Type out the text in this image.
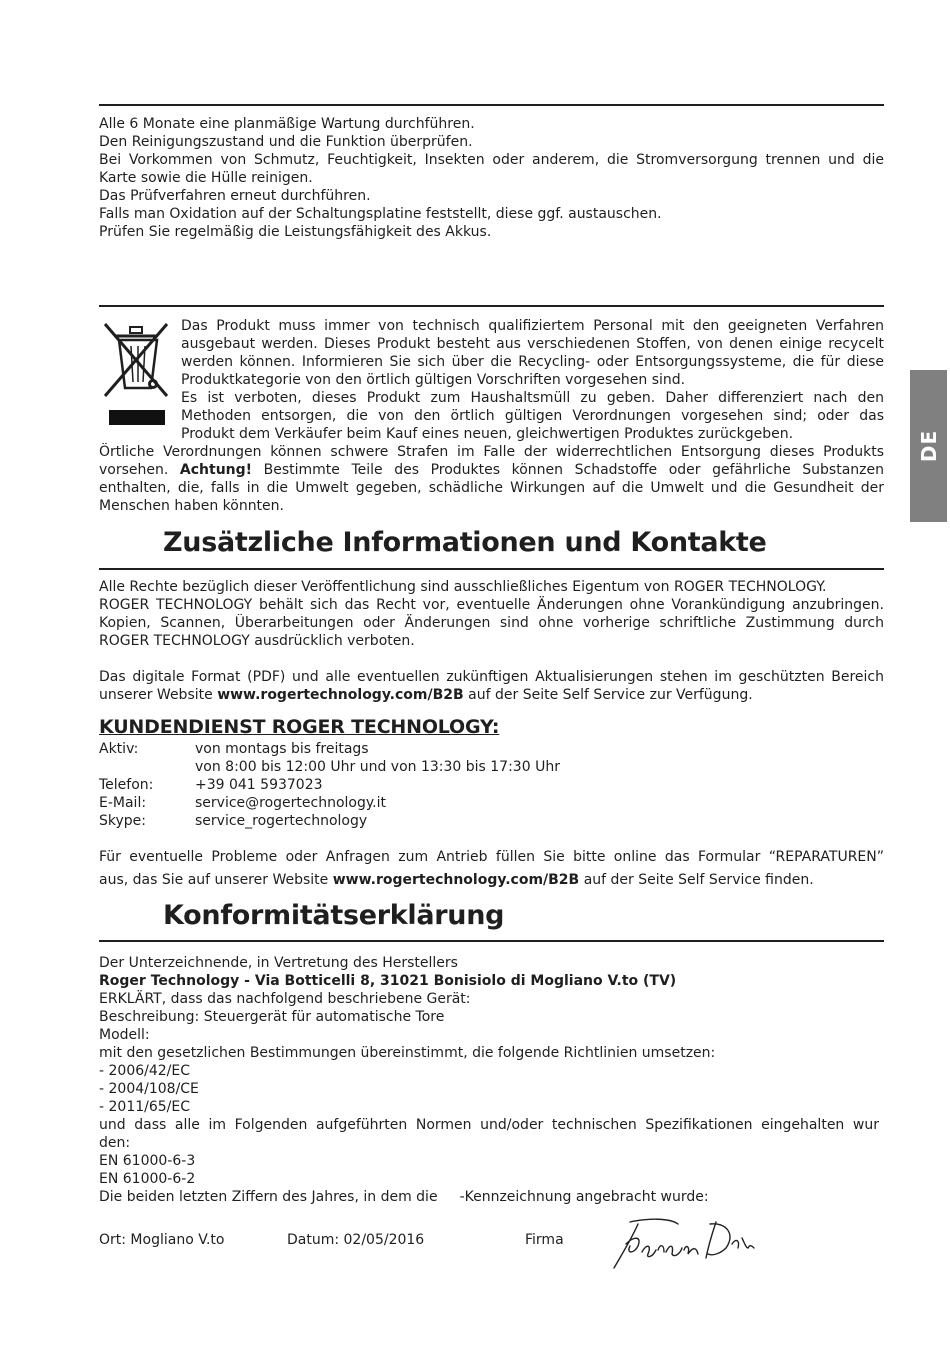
DE
Alle 6 Monate eine planmäßige Wartung durchführen.
Den Reinigungszustand und die Funktion überprüfen.
Bei Vorkommen von Schmutz, Feuchtigkeit, Insekten oder anderem, die Stromversorgung trennen und die
Karte sowie die Hülle reinigen.
Das Prüfverfahren erneut durchführen.
Falls man Oxidation auf der Schaltungsplatine feststellt, diese ggf. austauschen.
Prüfen Sie regelmäßig die Leistungsfähigkeit des Akkus.
Das Produkt muss immer von technisch qualifiziertem Personal mit den geeigneten Verfahren
ausgebaut werden. Dieses Produkt besteht aus verschiedenen Stoffen, von denen einige recycelt
werden können. Informieren Sie sich über die Recycling- oder Entsorgungssysteme, die für diese
Produktkategorie von den örtlich gültigen Vorschriften vorgesehen sind.
Es ist verboten, dieses Produkt zum Haushaltsmüll zu geben. Daher differenziert nach den
Methoden entsorgen, die von den örtlich gültigen Verordnungen vorgesehen sind; oder das
Produkt dem Verkäufer beim Kauf eines neuen, gleichwertigen Produktes zurückgeben.
Örtliche Verordnungen können schwere Strafen im Falle der widerrechtlichen Entsorgung dieses Produkts
vorsehen. Achtung! Bestimmte Teile des Produktes können Schadstoffe oder gefährliche Substanzen
enthalten, die, falls in die Umwelt gegeben, schädliche Wirkungen auf die Umwelt und die Gesundheit der
Menschen haben könnten.
Zusätzliche Informationen und Kontakte
Alle Rechte bezüglich dieser Veröffentlichung sind ausschließliches Eigentum von ROGER TECHNOLOGY.
ROGER TECHNOLOGY behält sich das Recht vor, eventuelle Änderungen ohne Vorankündigung anzubringen.
Kopien, Scannen, Überarbeitungen oder Änderungen sind ohne vorherige schriftliche Zustimmung durch
ROGER TECHNOLOGY ausdrücklich verboten.
Das digitale Format (PDF) und alle eventuellen zukünftigen Aktualisierungen stehen im geschützten Bereich
unserer Website www.rogertechnology.com/B2B auf der Seite Self Service zur Verfügung.
KUNDENDIENST ROGER TECHNOLOGY:
Aktiv:	von montags bis freitags
von 8:00 bis 12:00 Uhr und von 13:30 bis 17:30 Uhr
Telefon:	+39 041 5937023
E-Mail:	service@rogertechnology.it
Skype:	service_rogertechnology
Für eventuelle Probleme oder Anfragen zum Antrieb füllen Sie bitte online das Formular “REPARATUREN”
aus, das Sie auf unserer Website www.rogertechnology.com/B2B auf der Seite Self Service finden.
Konformitätserklärung
Der Unterzeichnende, in Vertretung des Herstellers
Roger Technology - Via Botticelli 8, 31021 Bonisiolo di Mogliano V.to (TV)
ERKLÄRT, dass das nachfolgend beschriebene Gerät:
Beschreibung: Steuergerät für automatische Tore
Modell:
mit den gesetzlichen Bestimmungen übereinstimmt, die folgende Richtlinien umsetzen:
- 2006/42/EC
- 2004/108/CE
- 2011/65/EC
und dass alle im Folgenden aufgeführten Normen und/oder technischen Spezifikationen eingehalten wur
den:
EN 61000-6-3
EN 61000-6-2
Die beiden letzten Ziffern des Jahres, in dem die -Kennzeichnung angebracht wurde:
Ort: Mogliano V.to	Datum: 02/05/2016	Firma
